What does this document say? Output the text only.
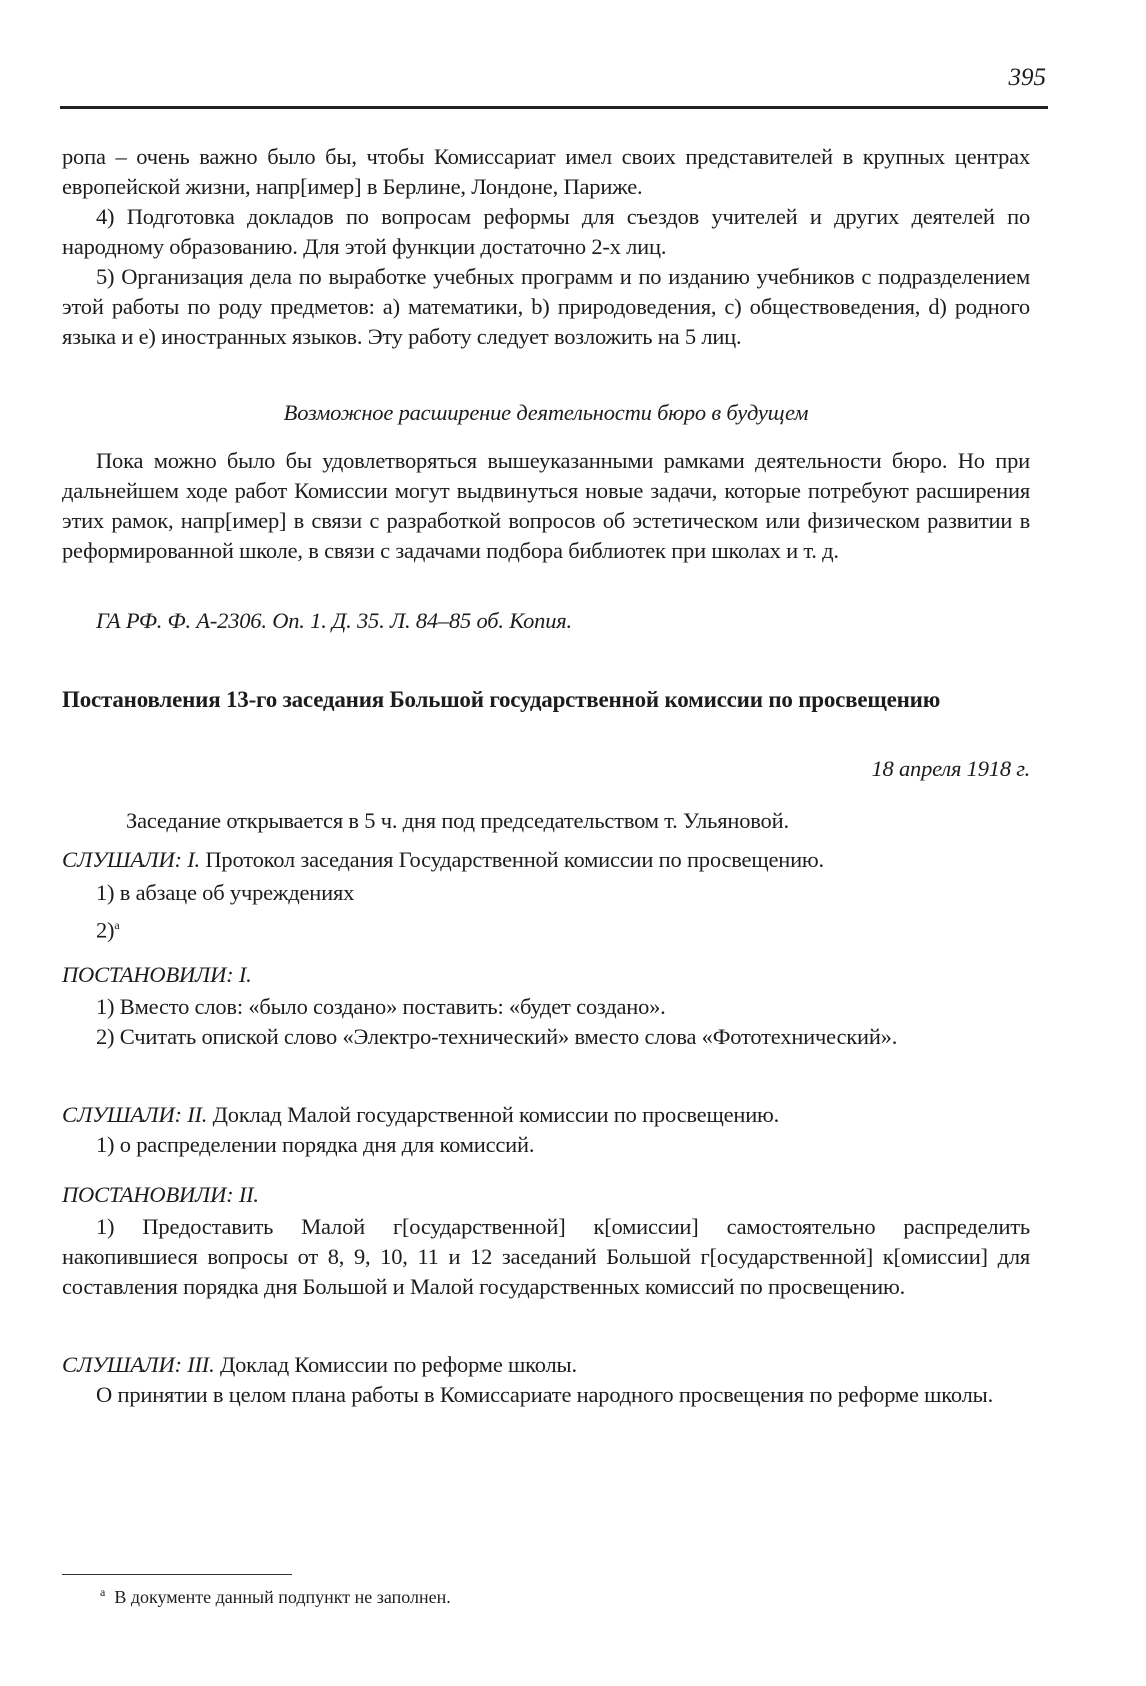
395
ропа – очень важно было бы, чтобы Комиссариат имел своих представителей в крупных центрах европейской жизни, напр[имер] в Берлине, Лондоне, Париже.
4) Подготовка докладов по вопросам реформы для съездов учителей и других деятелей по народному образованию. Для этой функции достаточно 2-х лиц.
5) Организация дела по выработке учебных программ и по изданию учебников с подразделением этой работы по роду предметов: a) математики, b) природоведения, c) обществоведения, d) родного языка и e) иностранных языков. Эту работу следует возложить на 5 лиц.
Возможное расширение деятельности бюро в будущем
Пока можно было бы удовлетворяться вышеуказанными рамками деятельности бюро. Но при дальнейшем ходе работ Комиссии могут выдвинуться новые задачи, которые потребуют расширения этих рамок, напр[имер] в связи с разработкой вопросов об эстетическом или физическом развитии в реформированной школе, в связи с задачами подбора библиотек при школах и т. д.
ГА РФ. Ф. А-2306. Оп. 1. Д. 35. Л. 84–85 об. Копия.
Постановления 13-го заседания Большой государственной комиссии по просвещению
18 апреля 1918 г.
Заседание открывается в 5 ч. дня под председательством т. Ульяновой.
СЛУШАЛИ: I. Протокол заседания Государственной комиссии по просвещению.
1) в абзаце об учреждениях
2)$^а$
ПОСТАНОВИЛИ: I.
1) Вместо слов: «было создано» поставить: «будет создано».
2) Считать опиской слово «Электро-технический» вместо слова «Фототехнический».
СЛУШАЛИ: II. Доклад Малой государственной комиссии по просвещению.
1) о распределении порядка дня для комиссий.
ПОСТАНОВИЛИ: II.
1) Предоставить Малой г[осударственной] к[омиссии] самостоятельно распределить накопившиеся вопросы от 8, 9, 10, 11 и 12 заседаний Большой г[осударственной] к[омиссии] для составления порядка дня Большой и Малой государственных комиссий по просвещению.
СЛУШАЛИ: III. Доклад Комиссии по реформе школы.
О принятии в целом плана работы в Комиссариате народного просвещения по реформе школы.
$^а$ В документе данный подпункт не заполнен.
